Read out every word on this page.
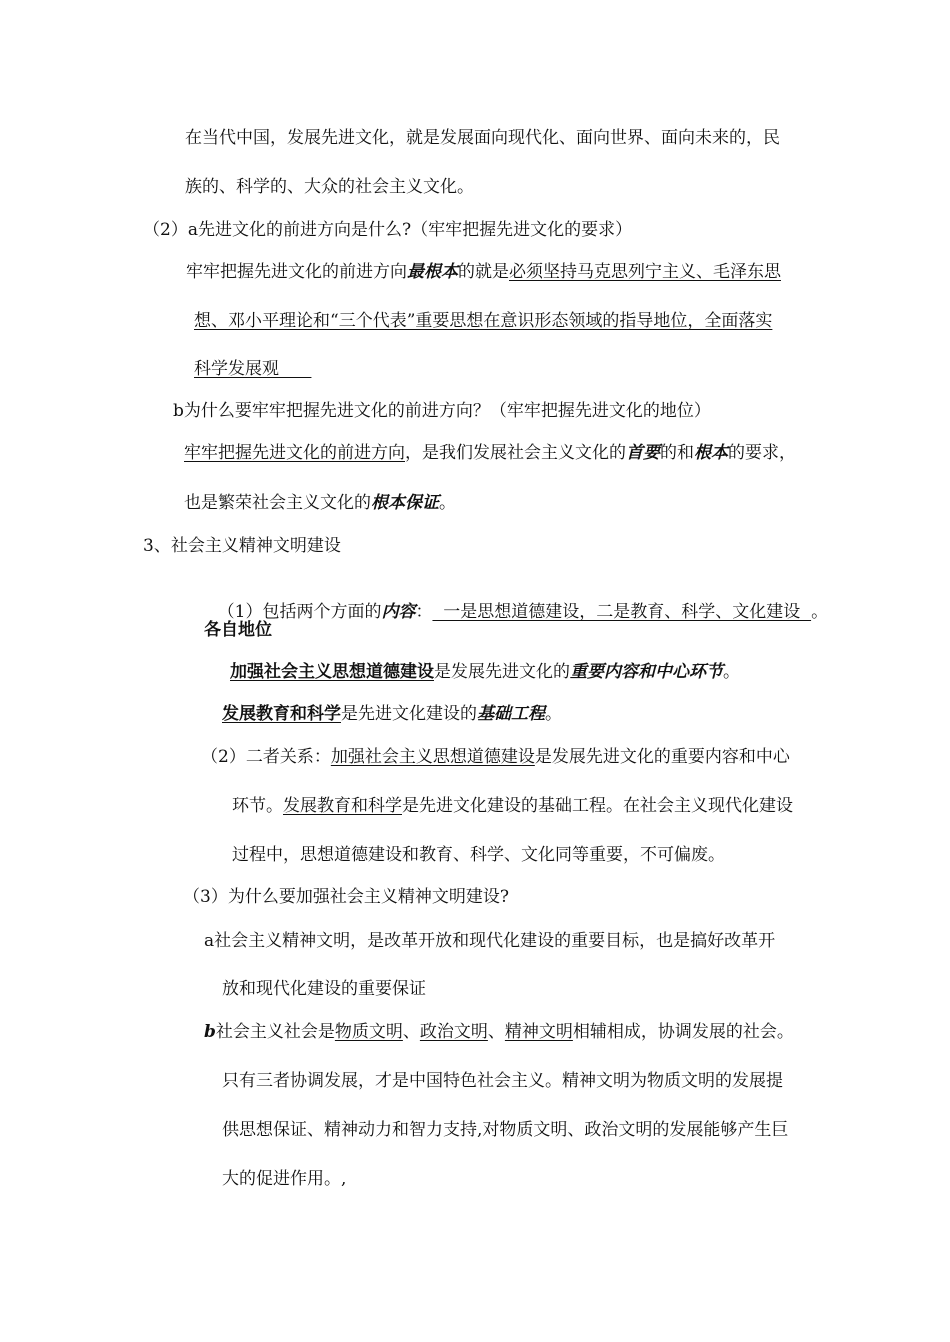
在当代中国，发展先进文化，就是发展面向现代化、面向世界、面向未来的，民
族的、科学的、大众的社会主义文化。
（2）a先进文化的前进方向是什么?（牢牢把握先进文化的要求）
牢牢把握先进文化的前进方向最根本的就是必须坚持马克思列宁主义、毛泽东思
想、邓小平理论和“三个代表”重要思想在意识形态领域的指导地位，全面落实
科学发展观
b为什么要牢牢把握先进文化的前进方向？（牢牢把握先进文化的地位）
牢牢把握先进文化的前进方向，是我们发展社会主义文化的首要的和根本的要求，
也是繁荣社会主义文化的根本保证。
3、社会主义精神文明建设

（1）包括两个方面的内容：  一是思想道德建设，二是教育、科学、文化建设  。

各自地位
加强社会主义思想道德建设是发展先进文化的重要内容和中心环节。
发展教育和科学是先进文化建设的基础工程。
（2）二者关系：加强社会主义思想道德建设是发展先进文化的重要内容和中心
环节。发展教育和科学是先进文化建设的基础工程。在社会主义现代化建设
过程中，思想道德建设和教育、科学、文化同等重要，不可偏废。
（3）为什么要加强社会主义精神文明建设?
a社会主义精神文明，是改革开放和现代化建设的重要目标，也是搞好改革开
放和现代化建设的重要保证
b社会主义社会是物质文明、政治文明、精神文明相辅相成，协调发展的社会。
只有三者协调发展，才是中国特色社会主义。精神文明为物质文明的发展提
供思想保证、精神动力和智力支持,对物质文明、政治文明的发展能够产生巨
大的促进作用。,
